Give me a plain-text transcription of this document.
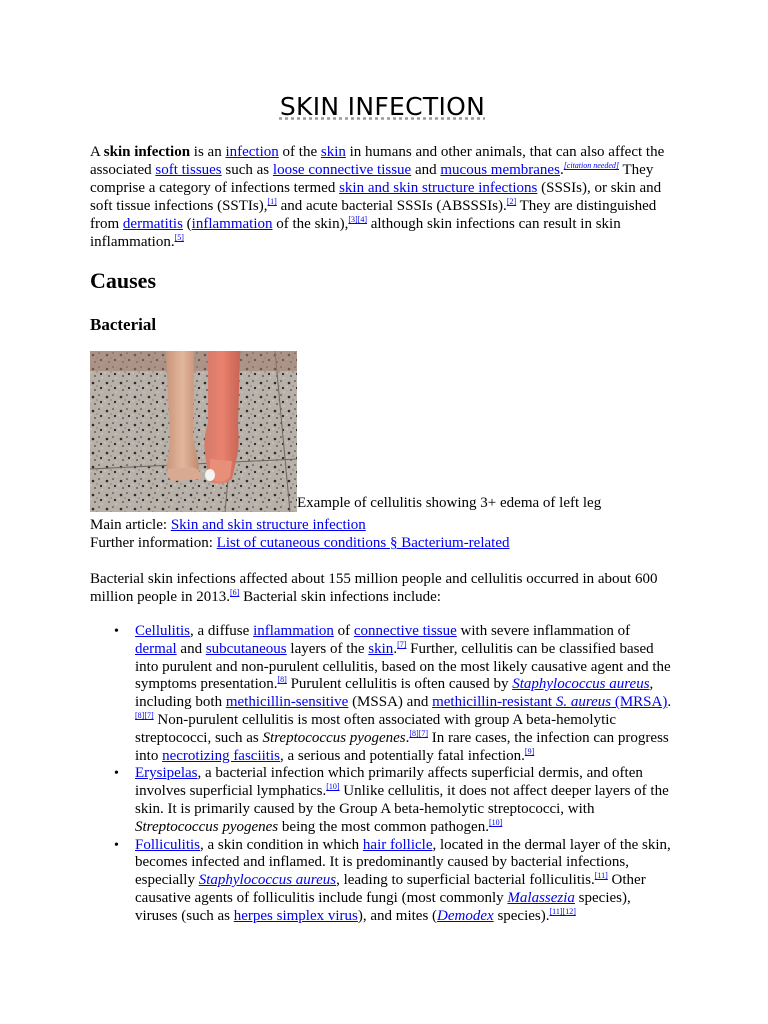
SKIN INFECTION

A skin infection is an infection of the skin in humans and other animals, that can also affect the associated soft tissues such as loose connective tissue and mucous membranes.[citation needed] They comprise a category of infections termed skin and skin structure infections (SSSIs), or skin and soft tissue infections (SSTIs),[1] and acute bacterial SSSIs (ABSSSIs).[2] They are distinguished from dermatitis (inflammation of the skin),[3][4] although skin infections can result in skin inflammation.[5]

Causes
Bacterial
Example of cellulitis showing 3+ edema of left leg

Main article: Skin and skin structure infection

Further information: List of cutaneous conditions § Bacterium-related

Bacterial skin infections affected about 155 million people and cellulitis occurred in about 600 million people in 2013.[6] Bacterial skin infections include:

• Cellulitis, a diffuse inflammation of connective tissue with severe inflammation of dermal and subcutaneous layers of the skin.[7] Further, cellulitis can be classified based into purulent and non-purulent cellulitis, based on the most likely causative agent and the symptoms presentation.[8] Purulent cellulitis is often caused by Staphylococcus aureus, including both methicillin-sensitive (MSSA) and methicillin-resistant S. aureus (MRSA).[8][7] Non-purulent cellulitis is most often associated with group A beta-hemolytic streptococci, such as Streptococcus pyogenes.[8][7] In rare cases, the infection can progress into necrotizing fasciitis, a serious and potentially fatal infection.[9]
• Erysipelas, a bacterial infection which primarily affects superficial dermis, and often involves superficial lymphatics.[10] Unlike cellulitis, it does not affect deeper layers of the skin. It is primarily caused by the Group A beta-hemolytic streptococci, with Streptococcus pyogenes being the most common pathogen.[10]
• Folliculitis, a skin condition in which hair follicle, located in the dermal layer of the skin, becomes infected and inflamed. It is predominantly caused by bacterial infections, especially Staphylococcus aureus, leading to superficial bacterial folliculitis.[11] Other causative agents of folliculitis include fungi (most commonly Malassezia species), viruses (such as herpes simplex virus), and mites (Demodex species).[11][12]
